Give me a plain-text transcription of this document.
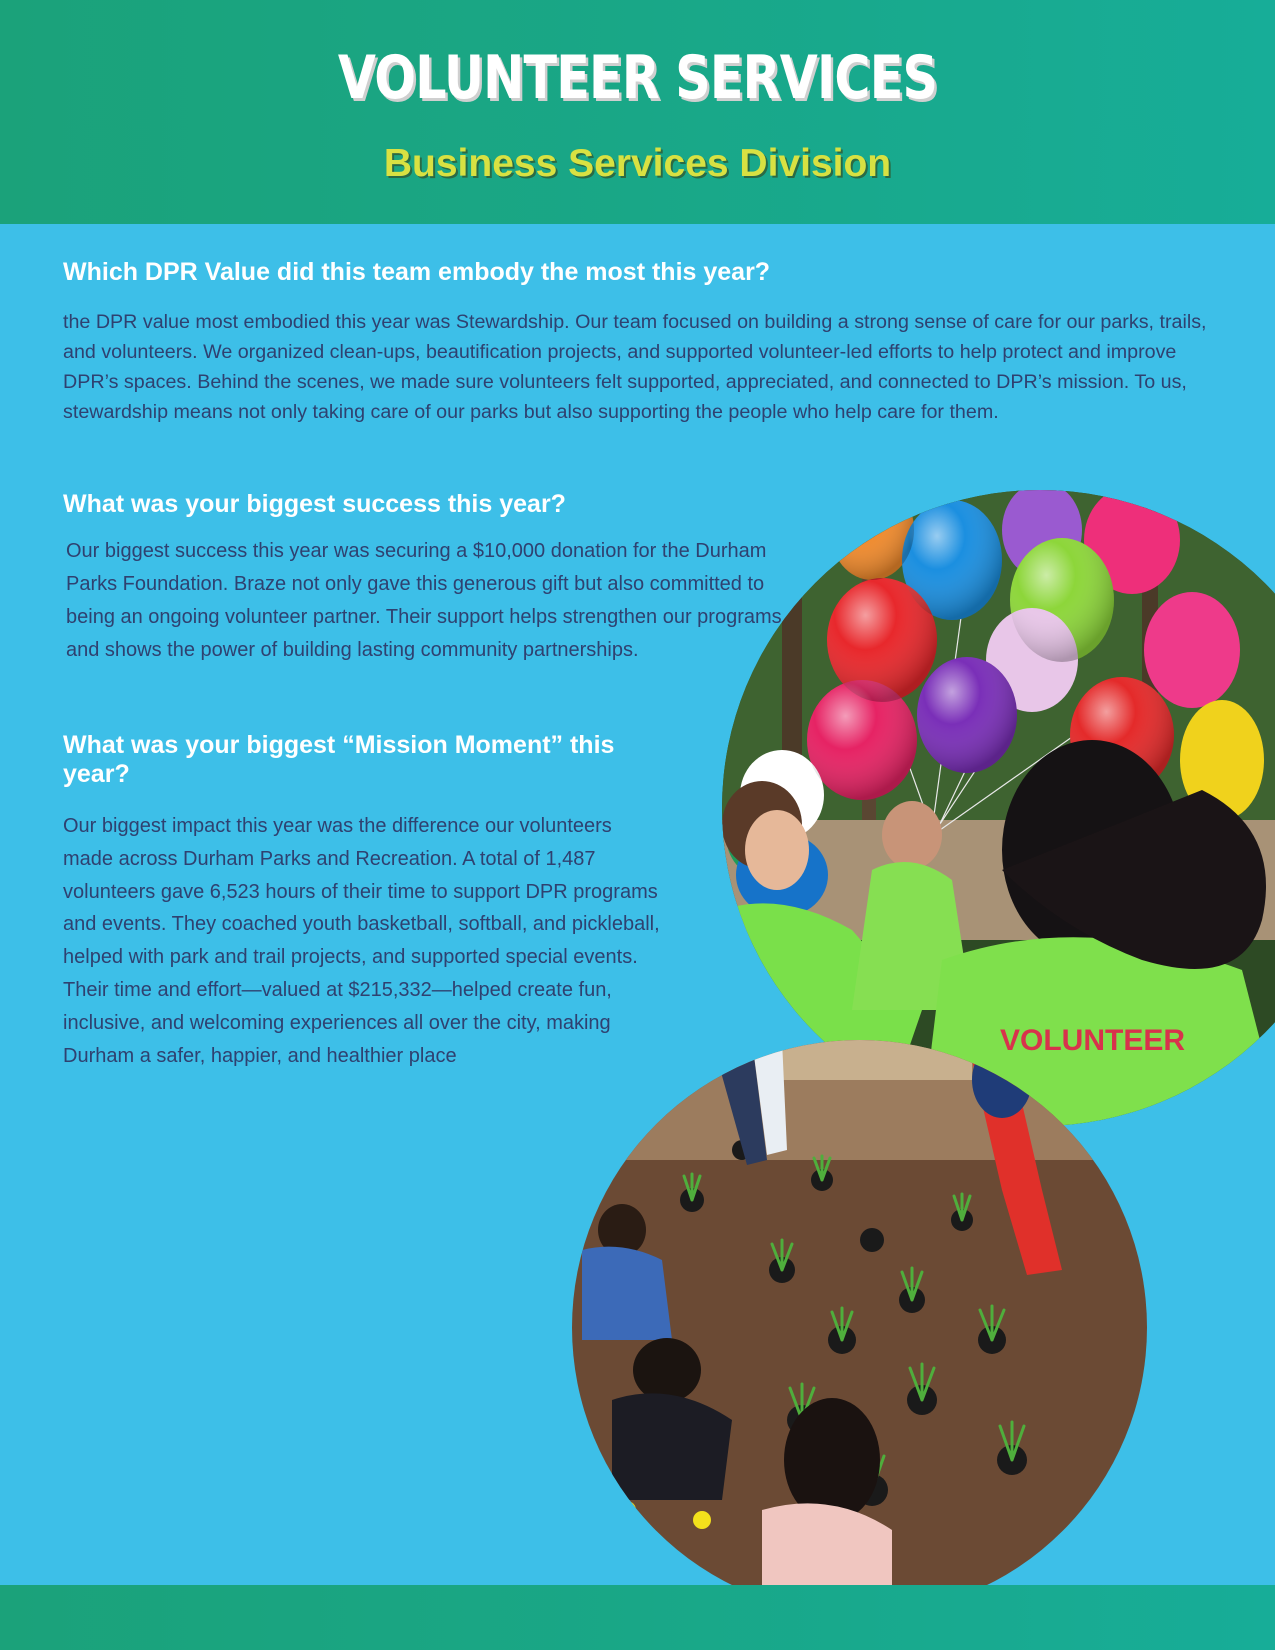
VOLUNTEER SERVICES
Business Services Division
Which DPR Value did this team embody the most this year?

the DPR value most embodied this year was Stewardship. Our team focused on building a strong sense of care for our parks, trails, and volunteers. We organized clean-ups, beautification projects, and supported volunteer-led efforts to help protect and improve DPR’s spaces. Behind the scenes, we made sure volunteers felt supported, appreciated, and connected to DPR’s mission. To us, stewardship means not only taking care of our parks but also supporting the people who help care for them.

VOLUNTEER
What was your biggest success this year?

Our biggest success this year was securing a $10,000 donation for the Durham Parks Foundation. Braze not only gave this generous gift but also committed to being an ongoing volunteer partner. Their support helps strengthen our programs and shows the power of building lasting community partnerships.

What was your biggest “Mission Moment” this year?

Our biggest impact this year was the difference our volunteers made across Durham Parks and Recreation. A total of 1,487 volunteers gave 6,523 hours of their time to support DPR programs and events. They coached youth basketball, softball, and pickleball, helped with park and trail projects, and supported special events. Their time and effort—valued at $215,332—helped create fun, inclusive, and welcoming experiences all over the city, making Durham a safer, happier, and healthier place
